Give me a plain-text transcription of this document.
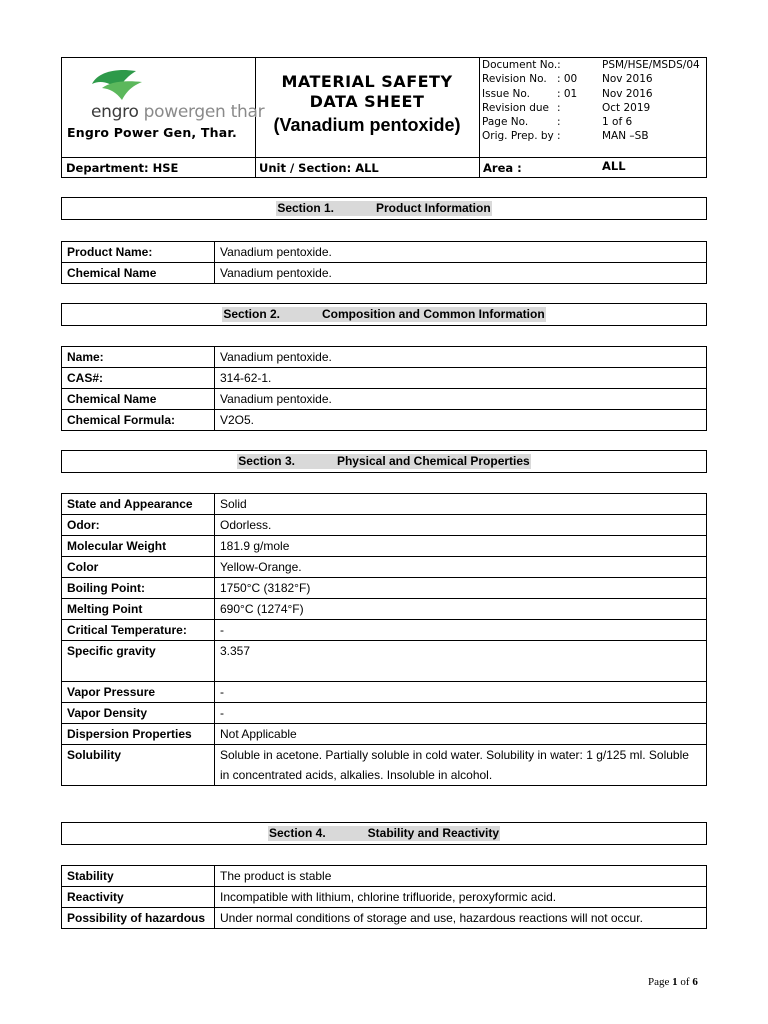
engro powergen thar
Engro Power Gen, Thar.
MATERIAL SAFETY
DATA SHEET
(Vanadium pentoxide)
Document No.:	PSM/HSE/MSDS/04
Revision No. : 00 Nov 2016
Issue No.	: 01 Nov 2016
Revision due :	Oct 2019
Page No.	:	1 of 6
Orig. Prep. by :	MAN –SB
Department: HSE	Unit / Section: ALL	Area :	ALL
Section 1.	Product Information
Product Name:	Vanadium pentoxide.
Chemical Name	Vanadium pentoxide.
Section 2.	Composition and Common Information
Name:	Vanadium pentoxide.
CAS#:	314-62-1.
Chemical Name	Vanadium pentoxide.
Chemical Formula:	V2O5.
Section 3.	Physical and Chemical Properties
State and Appearance	Solid
Odor:	Odorless.
Molecular Weight	181.9 g/mole
Color	Yellow-Orange.
Boiling Point:	1750°C (3182°F)
Melting Point	690°C (1274°F)
Critical Temperature:	-
Specific gravity	3.357
Vapor Pressure	-
Vapor Density	-
Dispersion Properties	Not Applicable
Solubility	Soluble in acetone. Partially soluble in cold water. Solubility in water: 1 g/125 ml. Soluble in concentrated acids, alkalies. Insoluble in alcohol.
Section 4.	Stability and Reactivity
Stability	The product is stable
Reactivity	Incompatible with lithium, chlorine trifluoride, peroxyformic acid.
Possibility of hazardous	Under normal conditions of storage and use, hazardous reactions will not occur.
Page 1 of 6
